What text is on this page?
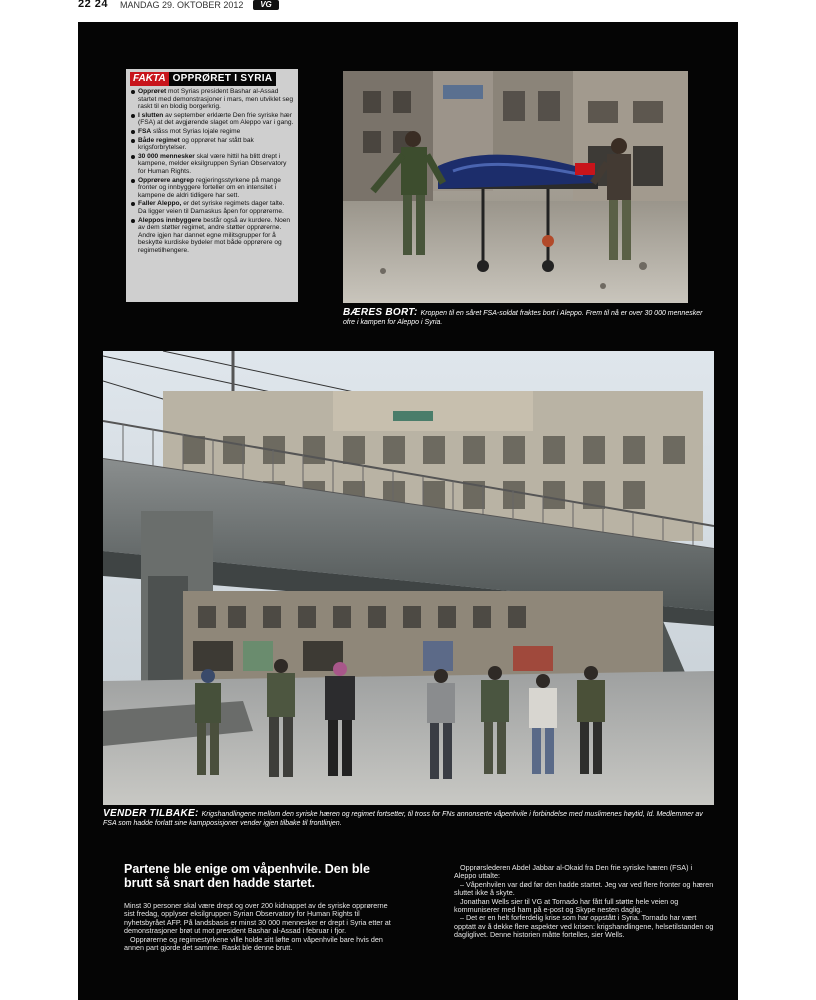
22 24 MANDAG 29. OKTOBER 2012	VG
FAKTA OPPRØRET I SYRIA
Opprøret mot Syrias president Bashar al-Assad startet med demonstrasjoner i mars, men utviklet seg raskt til en blodig borgerkrig.
I slutten av september erklærte Den frie syriske hær (FSA) at det avgjørende slaget om Aleppo var i gang.
FSA slåss mot Syrias lojale regime
Både regimet og opprøret har stått bak krigsforbrytelser.
30 000 mennesker skal være hittil ha blitt drept i kampene, melder eksilgruppen Syrian Observatory for Human Rights.
Opprørere angrep regjeringsstyrkene på mange fronter og innbyggere forteller om en intensitet i kampene de aldri tidligere har sett.
Faller Aleppo, er det syriske regimets dager talte. Da ligger veien til Damaskus åpen for opprørerne.
Aleppos innbyggere består også av kurdere. Noen av dem støtter regimet, andre støtter opprørerne. Andre igjen har dannet egne militsgrupper for å beskytte kurdiske bydeler mot både opprørere og regimetilhengere.
BÆRES BORT: Kroppen til en såret FSA-soldat fraktes bort i Aleppo. Frem til nå er over 30 000 mennesker ofre i kampen for Aleppo i Syria.
VENDER TILBAKE: Krigshandlingene mellom den syriske hæren og regimet fortsetter, til tross for FNs annonserte våpenhvile i forbindelse med muslimenes høytid, Id. Medlemmer av FSA som hadde forlatt sine kampposisjoner vender igjen tilbake til frontlinjen.
Partene ble enige om våpenhvile. Den ble brutt så snart den hadde startet.

Minst 30 personer skal være drept og over 200 kidnappet av de syriske opprørerne sist fredag, opplyser eksilgruppen Syrian Observatory for Human Rights til nyhetsbyrået AFP. På landsbasis er minst 30 000 mennesker er drept i Syria etter at demonstrasjoner brøt ut mot president Bashar al-Assad i februar i fjor.

Opprørerne og regimestyrkene ville holde sitt løfte om våpenhvile bare hvis den annen part gjorde det samme. Raskt ble denne brutt.

Opprørslederen Abdel Jabbar al-Okaid fra Den frie syriske hæren (FSA) i Aleppo uttalte:

– Våpenhvilen var død før den hadde startet. Jeg var ved flere fronter og hæren sluttet ikke å skyte.

Jonathan Wells sier til VG at Tornado har fått full støtte hele veien og kommuniserer med ham på e-post og Skype nesten daglig.

– Det er en helt forferdelig krise som har oppstått i Syria. Tornado har vært opptatt av å dekke flere aspekter ved krisen: krigshandlingene, helsetilstanden og dagliglivet. Denne historien måtte fortelles, sier Wells.
